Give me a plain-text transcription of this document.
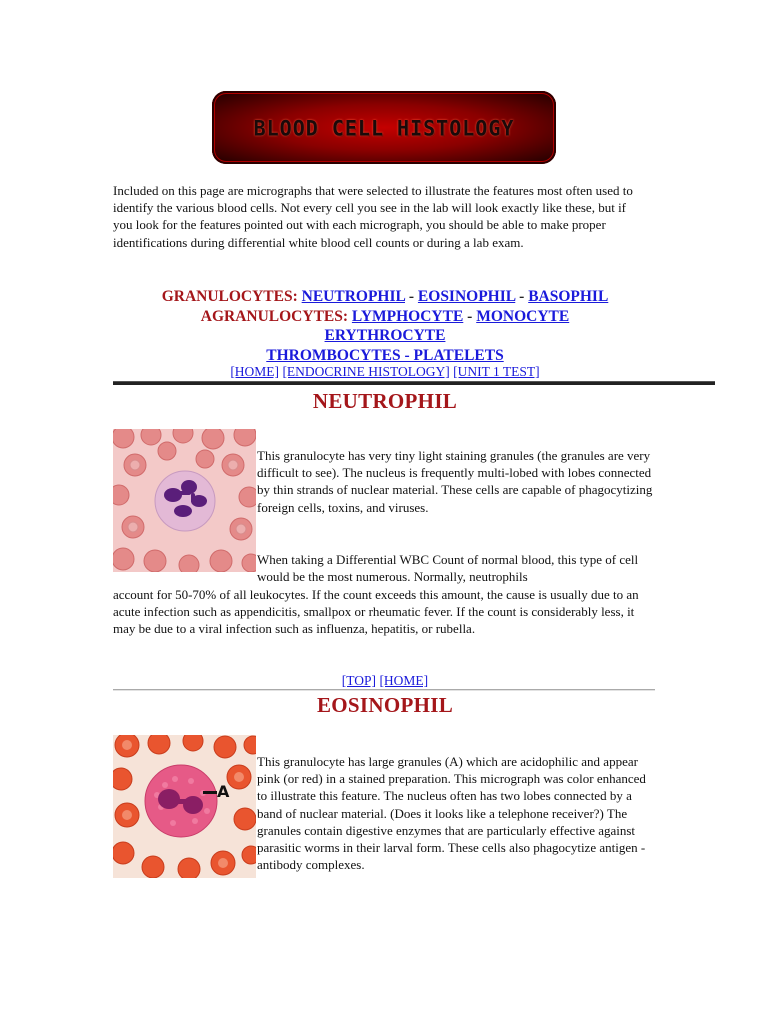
BLOOD CELL HISTOLOGY
Included on this page are micrographs that were selected to illustrate the features most often used to identify the various blood cells. Not every cell you see in the lab will look exactly like these, but if you look for the features pointed out with each micrograph, you should be able to make proper identifications during differential white blood cell counts or during a lab exam.
GRANULOCYTES: NEUTROPHIL - EOSINOPHIL - BASOPHIL
AGRANULOCYTES: LYMPHOCYTE - MONOCYTE
ERYTHROCYTE
THROMBOCYTES - PLATELETS
[HOME] [ENDOCRINE HISTOLOGY] [UNIT 1 TEST]
NEUTROPHIL
This granulocyte has very tiny light staining granules (the granules are very difficult to see). The nucleus is frequently multi-lobed with lobes connected by thin strands of nuclear material. These cells are capable of phagocytizing foreign cells, toxins, and viruses.
When taking a Differential WBC Count of normal blood, this type of cell would be the most numerous. Normally, neutrophils
account for 50-70% of all leukocytes. If the count exceeds this amount, the cause is usually due to an acute infection such as appendicitis, smallpox or rheumatic fever. If the count is considerably less, it may be due to a viral infection such as influenza, hepatitis, or rubella.
[TOP] [HOME]
EOSINOPHIL
A
This granulocyte has large granules (A) which are acidophilic and appear pink (or red) in a stained preparation. This micrograph was color enhanced to illustrate this feature. The nucleus often has two lobes connected by a band of nuclear material. (Does it looks like a telephone receiver?) The granules contain digestive enzymes that are particularly effective against parasitic worms in their larval form. These cells also phagocytize antigen - antibody complexes.
